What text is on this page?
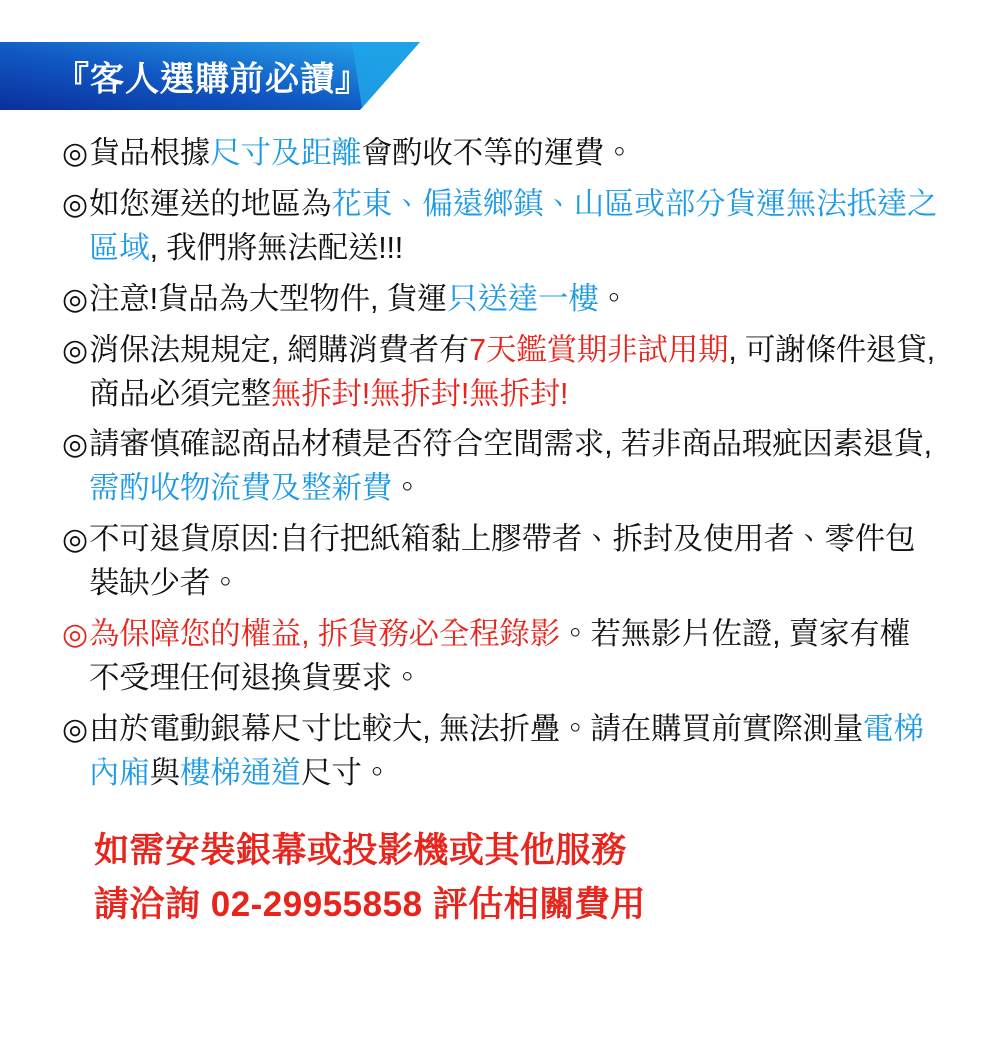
『客人選購前必讀』
◎ 貨品根據尺寸及距離會酌收不等的運費。
◎ 如您運送的地區為花東、偏遠鄉鎮、山區或部分貨運無法抵達之區域, 我們將無法配送!!!
◎ 注意!貨品為大型物件, 貨運只送達一樓。
◎ 消保法規規定, 網購消費者有7天鑑賞期非試用期, 可謝條件退貸, 商品必須完整無拆封!無拆封!無拆封!
◎ 請審慎確認商品材積是否符合空間需求, 若非商品瑕疵因素退貨, 需酌收物流費及整新費。
◎ 不可退貨原因:自行把紙箱黏上膠帶者、拆封及使用者、零件包裝缺少者。
◎ 為保障您的權益, 拆貨務必全程錄影。若無影片佐證, 賣家有權不受理任何退換貨要求。
◎ 由於電動銀幕尺寸比較大, 無法折疊。請在購買前實際測量電梯內廂與樓梯通道尺寸。
如需安裝銀幕或投影機或其他服務
請洽詢 02-29955858 評估相關費用
